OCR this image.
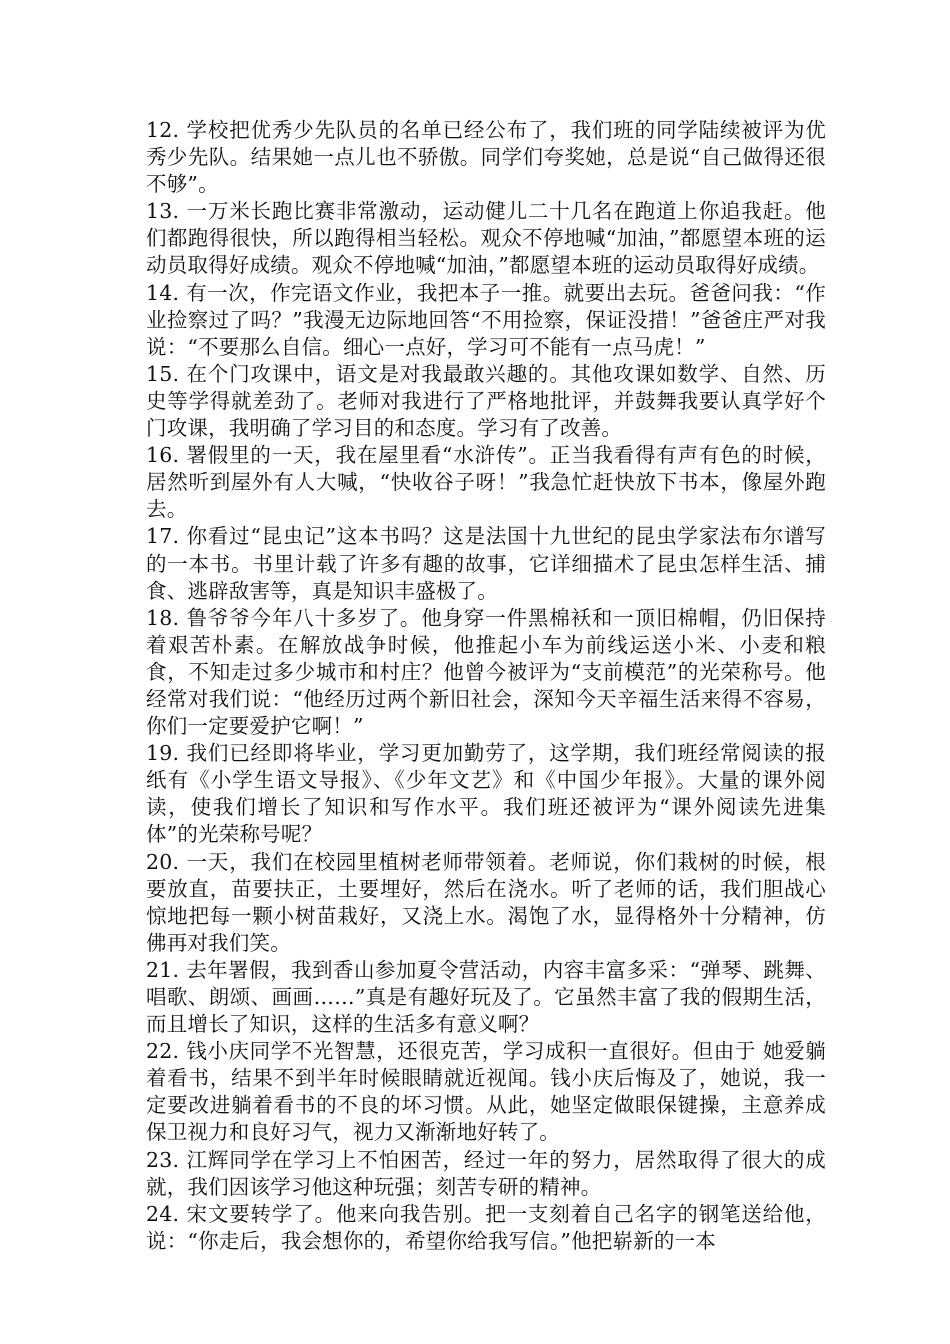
12. 学校把优秀少先队员的名单已经公布了，我们班的同学陆续被评为优秀少先队。结果她一点儿也不骄傲。同学们夸奖她，总是说“自己做得还很不够”。

13. 一万米长跑比赛非常激动，运动健儿二十几名在跑道上你追我赶。他们都跑得很快，所以跑得相当轻松。观众不停地喊“加油，”都愿望本班的运动员取得好成绩。观众不停地喊“加油，”都愿望本班的运动员取得好成绩。

14. 有一次，作完语文作业，我把本子一推。就要出去玩。爸爸问我：“作业捡察过了吗？”我漫无边际地回答“不用捡察，保证没措！”爸爸庄严对我说：“不要那么自信。细心一点好，学习可不能有一点马虎！”

15. 在个门攻课中，语文是对我最敢兴趣的。其他攻课如数学、自然、历史等学得就差劲了。老师对我进行了严格地批评，并鼓舞我要认真学好个门攻课，我明确了学习目的和态度。学习有了改善。

16. 署假里的一天，我在屋里看“水浒传”。正当我看得有声有色的时候，居然听到屋外有人大喊，“快收谷子呀！”我急忙赶快放下书本，像屋外跑去。

17. 你看过“昆虫记”这本书吗？这是法国十九世纪的昆虫学家法布尔谱写的一本书。书里计载了许多有趣的故事，它详细描术了昆虫怎样生活、捕食、逃辟敌害等，真是知识丰盛极了。

18. 鲁爷爷今年八十多岁了。他身穿一件黑棉袄和一顶旧棉帽，仍旧保持着艰苦朴素。在解放战争时候，他推起小车为前线运送小米、小麦和粮食，不知走过多少城市和村庄？他曾今被评为“支前模范”的光荣称号。他经常对我们说：“他经历过两个新旧社会，深知今天辛福生活来得不容易，你们一定要爱护它啊！”

19. 我们已经即将毕业，学习更加勤劳了，这学期，我们班经常阅读的报纸有《小学生语文导报》、《少年文艺》和《中国少年报》。大量的课外阅读，使我们增长了知识和写作水平。我们班还被评为“课外阅读先进集体”的光荣称号呢？

20. 一天，我们在校园里植树老师带领着。老师说，你们栽树的时候，根要放直，苗要扶正，土要埋好，然后在浇水。听了老师的话，我们胆战心惊地把每一颗小树苗栽好，又浇上水。渴饱了水，显得格外十分精神，仿佛再对我们笑。

21. 去年署假，我到香山参加夏令营活动，内容丰富多采：“弹琴、跳舞、唱歌、朗颂、画画……”真是有趣好玩及了。它虽然丰富了我的假期生活，而且增长了知识，这样的生活多有意义啊？

22. 钱小庆同学不光智慧，还很克苦，学习成积一直很好。但由于 她爱躺着看书，结果不到半年时候眼睛就近视闻。钱小庆后悔及了，她说，我一定要改进躺着看书的不良的坏习惯。从此，她坚定做眼保键操，主意养成保卫视力和良好习气，视力又渐渐地好转了。

23. 江辉同学在学习上不怕困苦，经过一年的努力，居然取得了很大的成就，我们因该学习他这种玩强；刻苦专研的精神。

24. 宋文要转学了。他来向我告别。把一支刻着自己名字的钢笔送给他，说：“你走后，我会想你的，希望你给我写信。”他把崭新的一本
